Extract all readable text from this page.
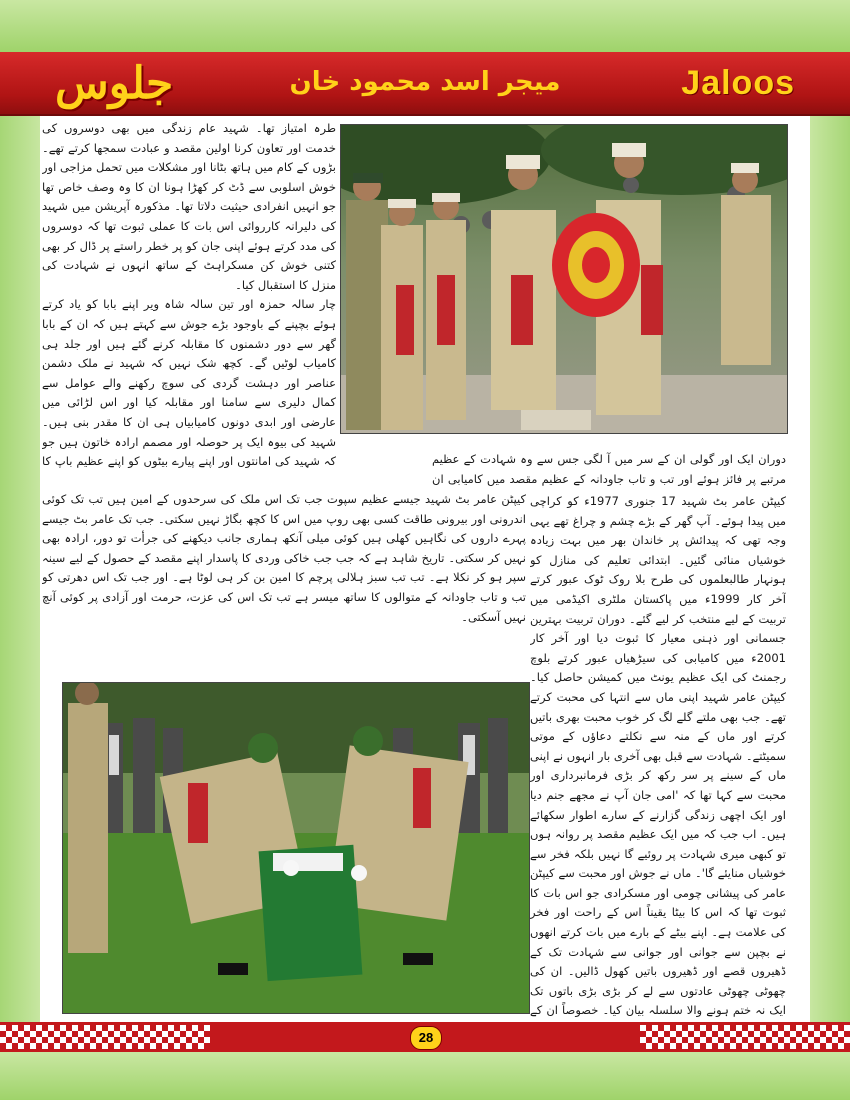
جلوس	میجر اسد محمود خان	Jaloos

طرہ امتیاز تھا۔ شہید عام زندگی میں بھی دوسروں کی خدمت اور تعاون کرنا اولین مقصد و عبادت سمجھا کرتے تھے۔ بڑوں کے کام میں ہاتھ بٹانا اور مشکلات میں تحمل مزاجی اور خوش اسلوبی سے ڈٹ کر کھڑا ہونا ان کا وہ وصف خاص تھا جو انہیں انفرادی حیثیت دلاتا تھا۔ مذکورہ آپریشن میں شہید کی دلیرانہ کارروائی اس بات کا عملی ثبوت تھا کہ دوسروں کی مدد کرتے ہوئے اپنی جان کو پر خطر راستے پر ڈال کر بھی کتنی خوش کن مسکراہٹ کے ساتھ انہوں نے شہادت کی منزل کا استقبال کیا۔

چار سالہ حمزہ اور تین سالہ شاہ ویر اپنے بابا کو یاد کرتے ہوئے بچپنے کے باوجود بڑے جوش سے کہتے ہیں کہ ان کے بابا گھر سے دور دشمنوں کا مقابلہ کرنے گئے ہیں اور جلد ہی کامیاب لوٹیں گے۔ کچھ شک نہیں کہ شہید نے ملک دشمن عناصر اور دہشت گردی کی سوچ رکھنے والے عوامل سے کمال دلیری سے سامنا اور مقابلہ کیا اور اس لڑائی میں عارضی اور ابدی دونوں کامیابیاں ہی ان کا مقدر بنی ہیں۔ شہید کی بیوہ ایک پر حوصلہ اور مصمم ارادہ خاتون ہیں جو کہ شہید کی امانتوں اور اپنے پیارے بیٹوں کو اپنے عظیم باپ کا	دوران ایک اور گولی ان کے سر میں آ لگی جس سے وہ شہادت کے عظیم مرتبے پر فائز ہوئے اور تب و تاب جاودانہ کے عظیم مقصد میں کامیابی ان

کیپٹن عامر بٹ شہید 17 جنوری 1977ء کو کراچی میں پیدا ہوئے۔ آپ گھر کے بڑے چشم و چراغ تھے یہی وجہ تھی کہ پیدائش پر خاندان بھر میں بہت زیادہ خوشیاں منائی گئیں۔ ابتدائی تعلیم کی منازل کو ہونہار طالبعلموں کی طرح بلا روک ٹوک عبور کرتے آخر کار 1999ء میں پاکستان ملٹری اکیڈمی میں تربیت کے لیے منتخب کر لیے گئے۔ دوران تربیت بہترین جسمانی اور ذہنی معیار کا ثبوت دیا اور آخر کار 2001ء میں کامیابی کی سیڑھیاں عبور کرتے بلوچ رجمنٹ کی ایک عظیم یونٹ میں کمیشن حاصل کیا۔ کیپٹن عامر شہید اپنی ماں سے انتہا کی محبت کرتے تھے۔ جب بھی ملتے گلے لگ کر خوب محبت بھری باتیں کرتے اور ماں کے منہ سے نکلتے دعاؤں کے موتی سمیٹتے۔ شہادت سے قبل بھی آخری بار انہوں نے اپنی ماں کے سینے پر سر رکھ کر بڑی فرمانبرداری اور محبت سے کہا تھا کہ 'امی جان آپ نے مجھے جنم دیا اور ایک اچھی زندگی گزارنے کے سارے اطوار سکھائے ہیں۔ اب جب کہ میں ایک عظیم مقصد پر روانہ ہوں تو کبھی میری شہادت پر روئیے گا نہیں بلکہ فخر سے خوشیاں منایئے گا'۔ ماں نے جوش اور محبت سے کیپٹن عامر کی پیشانی چومی اور مسکرادی جو اس بات کا ثبوت تھا کہ اس کا بیٹا یقیناً اس کے راحت اور فخر کی علامت ہے۔ اپنے بیٹے کے بارے میں بات کرتے انھوں نے بچپن سے جوانی اور جوانی سے شہادت تک کے ڈھیروں قصے اور ڈھیروں باتیں کھول ڈالیں۔ ان کی چھوٹی چھوٹی عادتوں سے لے کر بڑی بڑی باتوں تک ایک نہ ختم ہونے والا سلسلہ بیان کیا۔ خصوصاً ان کے

کیپٹن عامر بٹ شہید جیسے عظیم سپوت جب تک اس ملک کی سرحدوں کے امین ہیں تب تک کوئی اندرونی اور بیرونی طاقت کسی بھی روپ میں اس کا کچھ بگاڑ نہیں سکتی۔ جب تک عامر بٹ جیسے پہرے داروں کی نگاہیں کھلی ہیں کوئی میلی آنکھ ہماری جانب دیکھنے کی جرأت تو دور، ارادہ بھی نہیں کر سکتی۔ تاریخ شاہد ہے کہ جب جب خاکی وردی کا پاسدار اپنے مقصد کے حصول کے لیے سینہ سپر ہو کر نکلا ہے۔ تب تب سبز ہلالی پرچم کا امین بن کر ہی لوٹا ہے۔ اور جب تک اس دھرتی کو تب و تاب جاودانہ کے متوالوں کا ساتھ میسر ہے تب تک اس کی عزت، حرمت اور آزادی پر کوئی آنچ نہیں آسکتی۔

28
